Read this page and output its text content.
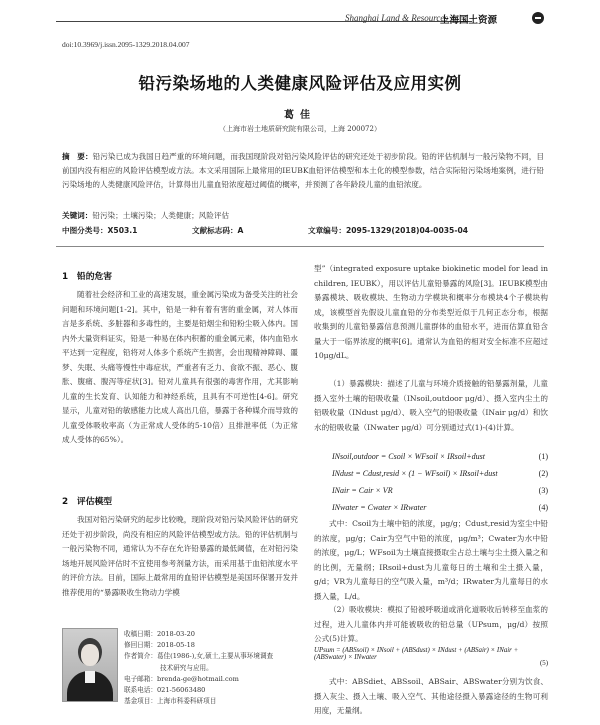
Shanghai Land & Resources
上海国土资源
doi:10.3969/j.issn.2095-1329.2018.04.007
铅污染场地的人类健康风险评估及应用实例
葛佳
（上海市岩土地质研究院有限公司，上海 200072）
摘　要：铅污染已成为我国日趋严重的环境问题，而我国现阶段对铅污染风险评估的研究还处于初步阶段。铅的评估机制与一般污染物不同，目前国内没有相应的风险评估模型或方法。本文采用国际上最常用的IEUBK血铅评估模型和本土化的模型参数，结合实际铅污染场地案例，进行铅污染场地的人类健康风险评估，计算得出儿童血铅浓度超过阈值的概率，并预测了各年龄段儿童的血铅浓度。
关键词：铅污染；土壤污染；人类健康；风险评估
中图分类号：X503.1	文献标志码：A	文章编号：2095-1329(2018)04-0035-04
1　铅的危害
随着社会经济和工业的高速发展，重金属污染成为备受关注的社会问题和环境问题[1-2]。其中，铅是一种有着有害的重金属，对人体而言是多系统、多脏器和多毒性的，主要是铅烟尘和铅粉尘吸入体内。国内外大量资料证实，铅是一种易在体内积蓄的重金属元素，体内血铅水平达到一定程度，铅将对人体多个系统产生损害，会出现精神障碍、噩梦、失眠、头痛等慢性中毒症状，严重者有乏力、食欲不振、恶心、腹胀、腹痛、腹泻等症状[3]。铅对儿童具有很强的毒害作用，尤其影响儿童的生长发育、认知能力和神经系统，且具有不可逆性[4-6]。研究显示，儿童对铅的敏感能力比成人高出几倍，暴露于各种媒介而导致的儿童受体吸收率高（为正常成人受体的5-10倍）且排泄率低（为正常成人受体的65%）。
2　评估模型
我国对铅污染研究的起步比较晚，现阶段对铅污染风险评估的研究还处于初步阶段，尚没有相应的风险评估模型或方法。铅的评估机制与一般污染物不同，通常认为不存在允许铅暴露的最低阈值，在对铅污染场地开展风险评估时不宜使用参考剂量方法，而采用基于血铅浓度水平的评价方法。目前，国际上最常用的血铅评估模型是美国环保署开发并推荐使用的“暴露吸收生物动力学模
收稿日期：2018-03-20
修回日期：2018-05-18
作者简介：葛佳(1986-),女,硕士,主要从事环境调查
技术研究与应用。
电子邮箱：brenda-ge@hotmail.com
联系电话：021-56063480
基金项目：上海市科委科研项目
型”（integrated exposure uptake biokinetic model for lead in children, IEUBK），用以评估儿童铅暴露的风险[3]。IEUBK模型由暴露模块、吸收模块、生物动力学模块和概率分布模块4个子模块构成，该模型首先假设儿童血铅的分布类型近似于几何正态分布，根据收集到的儿童铅暴露信息预测儿童群体的血铅水平，进而估算血铅含量大于一临界浓度的概率[6]。通常认为血铅的相对安全标准不应超过10μg/dL。
（1）暴露模块：描述了儿童与环境介质接触的铅暴露剂量，儿童摄入室外土壤的铅吸收量（INsoil,outdoor μg/d）、摄入室内尘土的铅吸收量（INdust μg/d）、吸入空气的铅吸收量（INair μg/d）和饮水的铅吸收量（INwater μg/d）可分别通过式(1)-(4)计算。
INsoil,outdoor = Csoil × WFsoil × IRsoil+dust	(1)
INdust = Cdust,resid × (1 − WFsoil) × IRsoil+dust	(2)
INair = Cair × VR	(3)
INwater = Cwater × IRwater	(4)
式中：Csoil为土壤中铅的浓度，μg/g；Cdust,resid为室尘中铅的浓度，μg/g；Cair为空气中铅的浓度，μg/m³；Cwater为水中铅的浓度，μg/L；WFsoil为土壤直接摄取尘占总土壤与尘土摄入量之和的比例，无量纲；IRsoil+dust为儿童每日的土壤和尘土摄入量，g/d；VR为儿童每日的空气吸入量，m³/d；IRwater为儿童每日的水摄入量，L/d。
（2）吸收模块：模拟了铅被呼吸道或消化道吸收后转移至血浆的过程，进入儿童体内并可能被吸收的铅总量（UPsum，μg/d）按照公式(5)计算。
UPsum = (ABSsoil) × INsoil + (ABSdust) × INdust + (ABSair) × INair + (ABSwater) × INwater
(5)
式中：ABSdiet、ABSsoil、ABSair、ABSwater分别为饮食、摄入灰尘、摄入土壤、吸入空气、其他途径摄入暴露途径的生物可利用度，无量纲。
